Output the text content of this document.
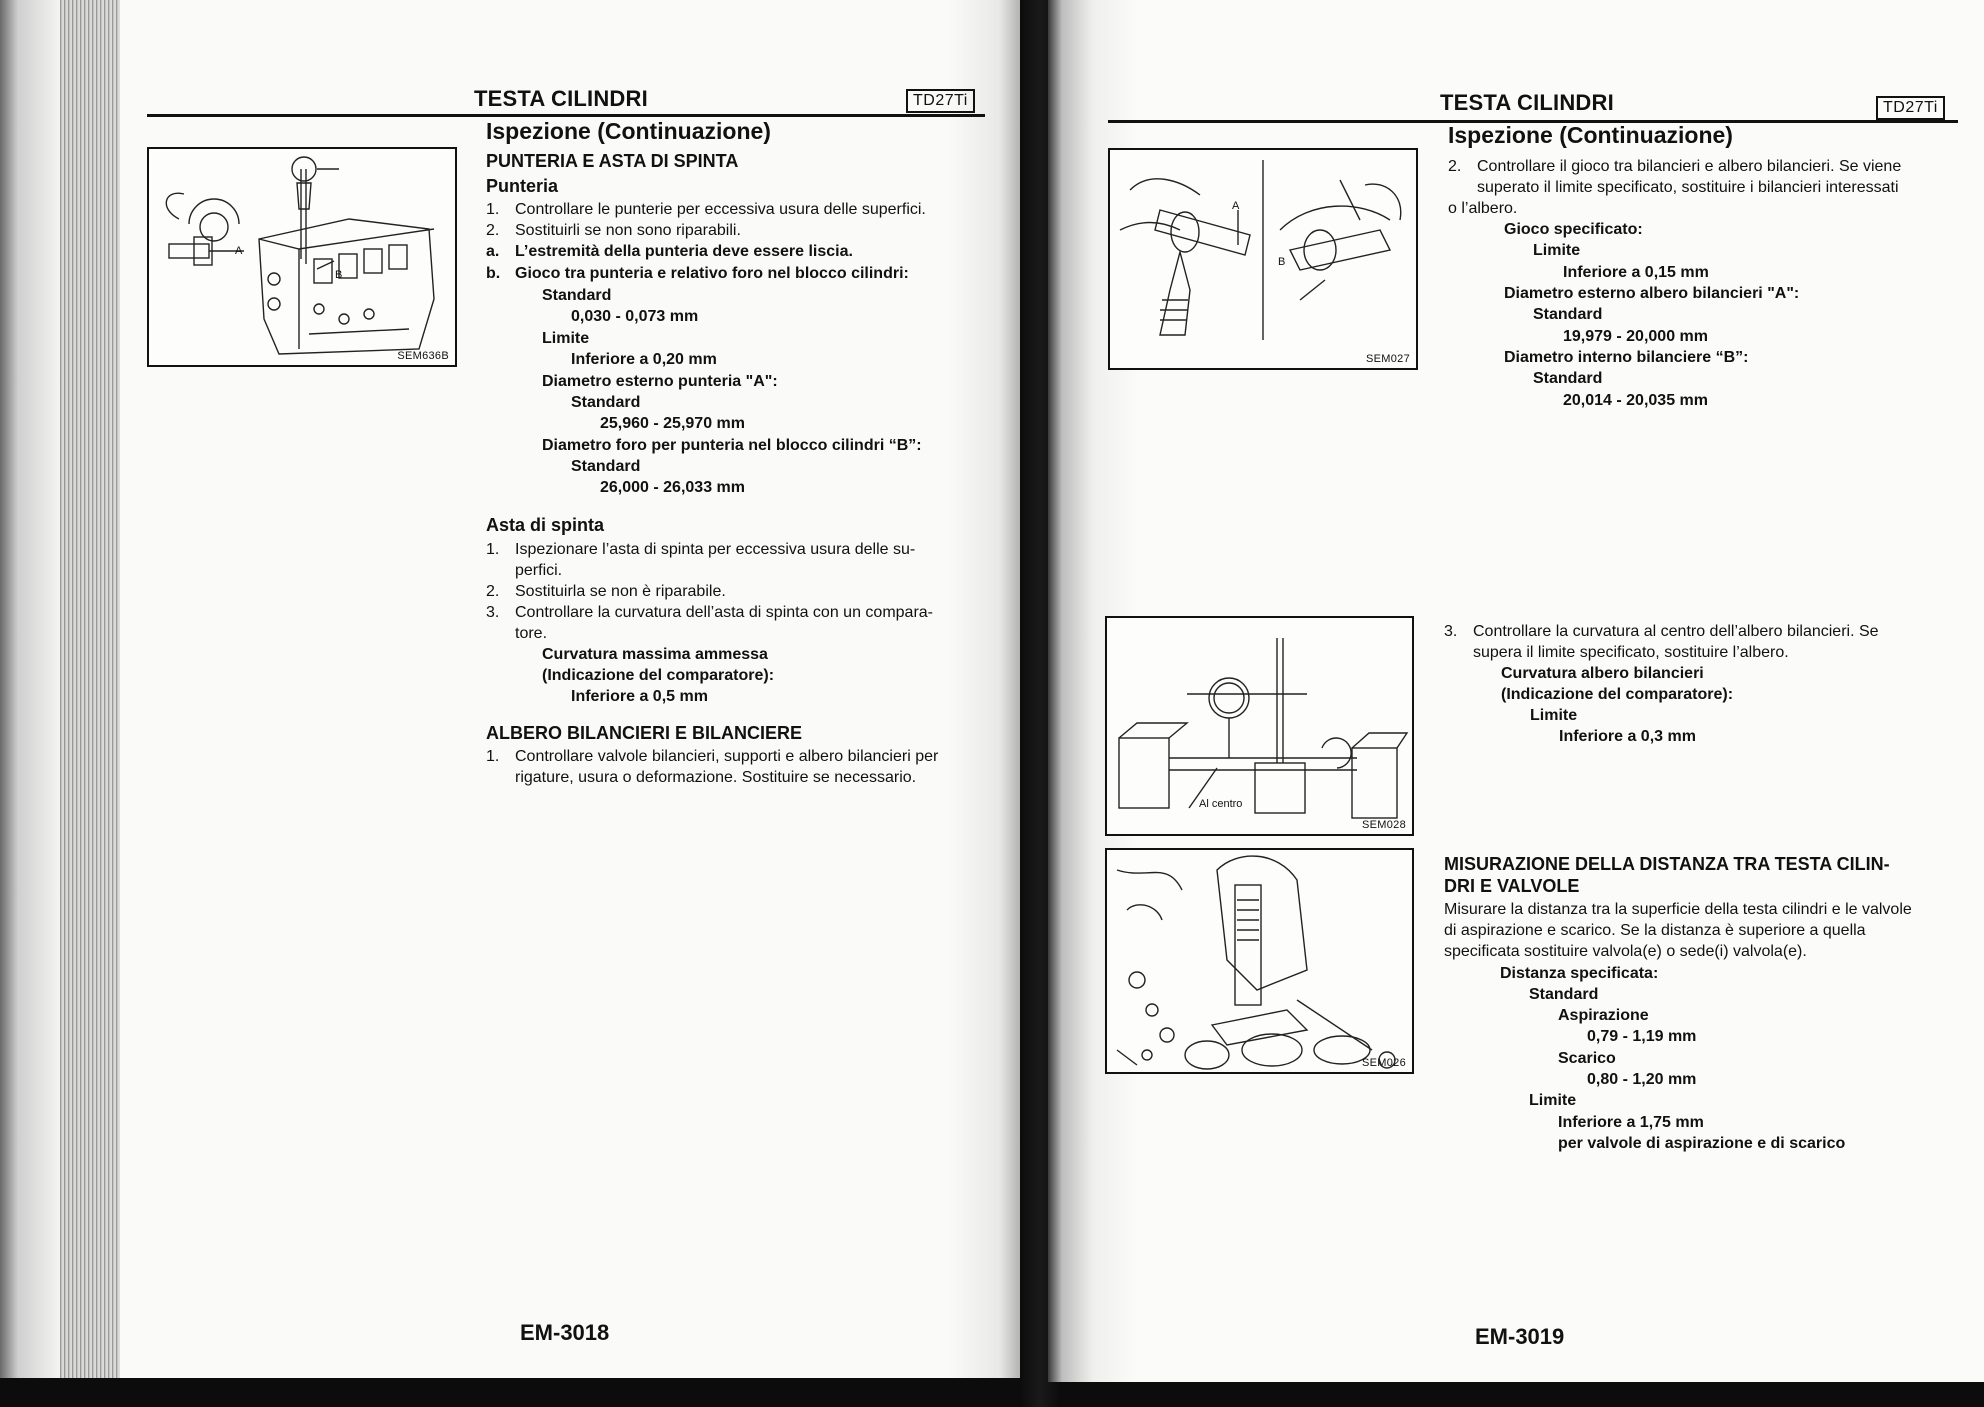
TESTA CILINDRI	TD27Ti
Ispezione (Continuazione)
PUNTERIA E ASTA DI SPINTA
Punteria
1. Controllare le punterie per eccessiva usura delle superfici.
2. Sostituirli se non sono riparabili.
a. L’estremità della punteria deve essere liscia.
b. Gioco tra punteria e relativo foro nel blocco cilindri:
Standard
0,030 - 0,073 mm
Limite
Inferiore a 0,20 mm
Diametro esterno punteria "A":
Standard
25,960 - 25,970 mm
Diametro foro per punteria nel blocco cilindri “B”:
Standard
26,000 - 26,033 mm
Asta di spinta
1. Ispezionare l’asta di spinta per eccessiva usura delle su-
perfici.
2. Sostituirla se non è riparabile.
3. Controllare la curvatura dell’asta di spinta con un compara-
tore.
Curvatura massima ammessa
(Indicazione del comparatore):
Inferiore a 0,5 mm
ALBERO BILANCIERI E BILANCIERE
1. Controllare valvole bilancieri, supporti e albero bilancieri per
rigature, usura o deformazione. Sostituire se necessario.
A
B
SEM636B
EM-3018
TESTA CILINDRI	TD27Ti
Ispezione (Continuazione)
2. Controllare il gioco tra bilancieri e albero bilancieri. Se viene
superato il limite specificato, sostituire i bilancieri interessati
o l’albero.
Gioco specificato:
Limite
Inferiore a 0,15 mm
Diametro esterno albero bilancieri "A":
Standard
19,979 - 20,000 mm
Diametro interno bilanciere “B”:
Standard
20,014 - 20,035 mm
3. Controllare la curvatura al centro dell’albero bilancieri. Se
supera il limite specificato, sostituire l’albero.
Curvatura albero bilancieri
(Indicazione del comparatore):
Limite
Inferiore a 0,3 mm
MISURAZIONE DELLA DISTANZA TRA TESTA CILIN-
DRI E VALVOLE
Misurare la distanza tra la superficie della testa cilindri e le valvole
di aspirazione e scarico. Se la distanza è superiore a quella
specificata sostituire valvola(e) o sede(i) valvola(e).
Distanza specificata:
Standard
Aspirazione
0,79 - 1,19 mm
Scarico
0,80 - 1,20 mm
Limite
Inferiore a 1,75 mm
per valvole di aspirazione e di scarico
A
B
SEM027
Al centro
SEM028
SEM026
EM-3019
